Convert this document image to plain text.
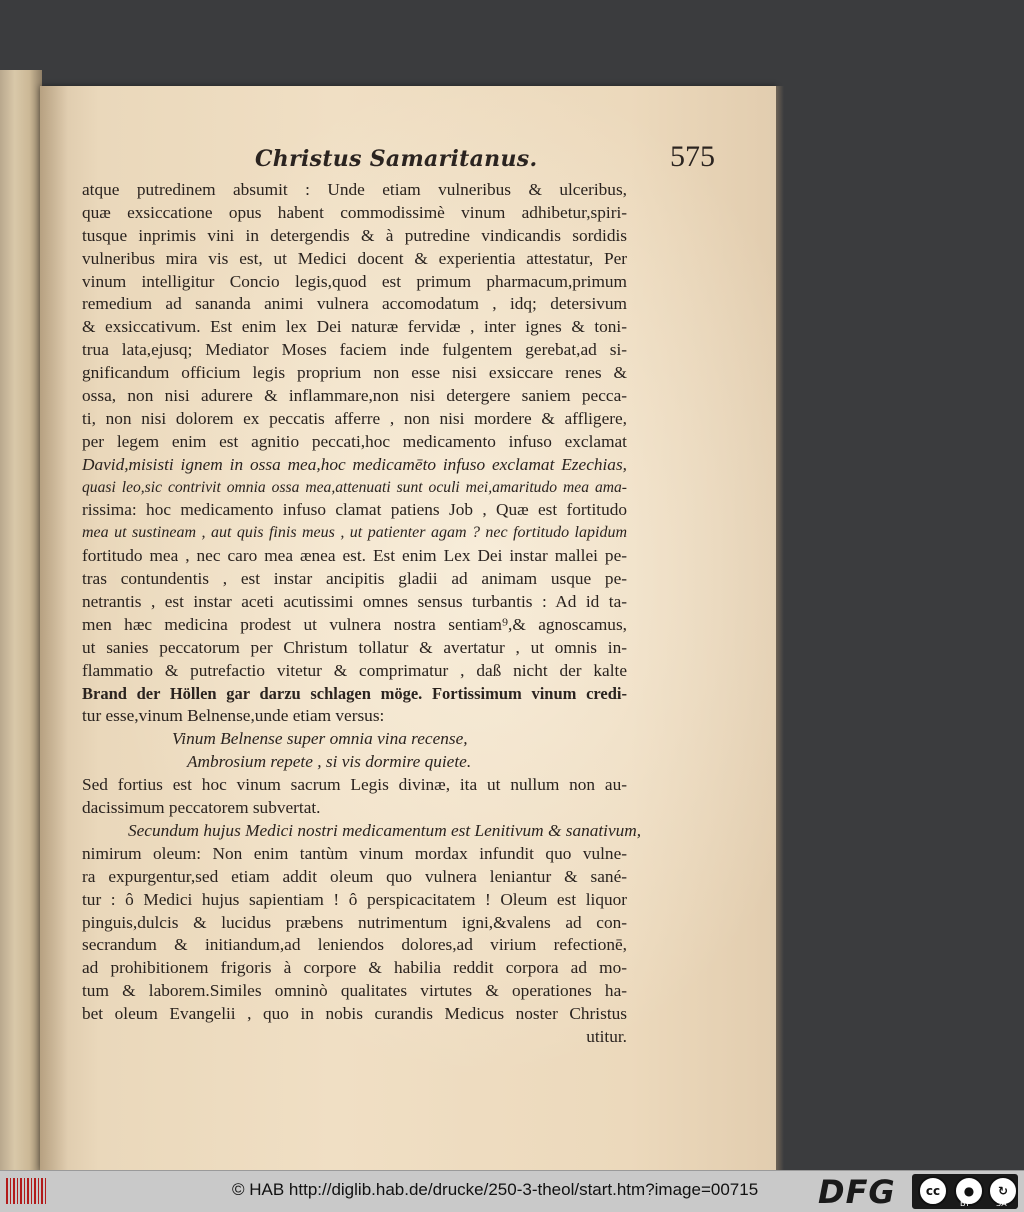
Christus Samaritanus.	575
atque putredinem absumit : Unde etiam vulneribus & ulceribus,
quæ exsiccatione opus habent commodissimè vinum adhibetur,spiri-
tusque inprimis vini in detergendis & à putredine vindicandis sordidis
vulneribus mira vis est, ut Medici docent & experientia attestatur, Per
vinum intelligitur Concio legis,quod est primum pharmacum,primum
remedium ad sananda animi vulnera accomodatum , idq; detersivum
& exsiccativum. Est enim lex Dei naturæ fervidæ , inter ignes & toni-
trua lata,ejusq; Mediator Moses faciem inde fulgentem gerebat,ad si-
gnificandum officium legis proprium non esse nisi exsiccare renes &
ossa, non nisi adurere & inflammare,non nisi detergere saniem pecca-
ti, non nisi dolorem ex peccatis afferre , non nisi mordere & affligere,
per legem enim est agnitio peccati,hoc medicamento infuso exclamat
David,misisti ignem in ossa mea,hoc medicamēto infuso exclamat Ezechias,
quasi leo,sic contrivit omnia ossa mea,attenuati sunt oculi mei,amaritudo mea ama-
rissima: hoc medicamento infuso clamat patiens Job , Quæ est fortitudo
mea ut sustineam , aut quis finis meus , ut patienter agam ? nec fortitudo lapidum
fortitudo mea , nec caro mea ænea est. Est enim Lex Dei instar mallei pe-
tras contundentis , est instar ancipitis gladii ad animam usque pe-
netrantis , est instar aceti acutissimi omnes sensus turbantis : Ad id ta-
men hæc medicina prodest ut vulnera nostra sentiam⁹,& agnoscamus,
ut sanies peccatorum per Christum tollatur & avertatur , ut omnis in-
flammatio & putrefactio vitetur & comprimatur , daß nicht der kalte
Brand der Höllen gar darzu schlagen möge. Fortissimum vinum credi-
tur esse,vinum Belnense,unde etiam versus:
Vinum Belnense super omnia vina recense,
Ambrosium repete , si vis dormire quiete.
Sed fortius est hoc vinum sacrum Legis divinæ, ita ut nullum non au-
dacissimum peccatorem subvertat.
Secundum hujus Medici nostri medicamentum est Lenitivum & sanativum,
nimirum oleum: Non enim tantùm vinum mordax infundit quo vulne-
ra expurgentur,sed etiam addit oleum quo vulnera leniantur & sané-
tur : ô Medici hujus sapientiam ! ô perspicacitatem ! Oleum est liquor
pinguis,dulcis & lucidus præbens nutrimentum igni,&valens ad con-
secrandum & initiandum,ad leniendos dolores,ad virium refectionē,
ad prohibitionem frigoris à corpore & habilia reddit corpora ad mo-
tum & laborem.Similes omninò qualitates virtutes & operationes ha-
bet oleum Evangelii , quo in nobis curandis Medicus noster Christus
utitur.
© HAB http://diglib.hab.de/drucke/250-3-theol/start.htm?image=00715 DFG	cc	●	↻
BY	SA
